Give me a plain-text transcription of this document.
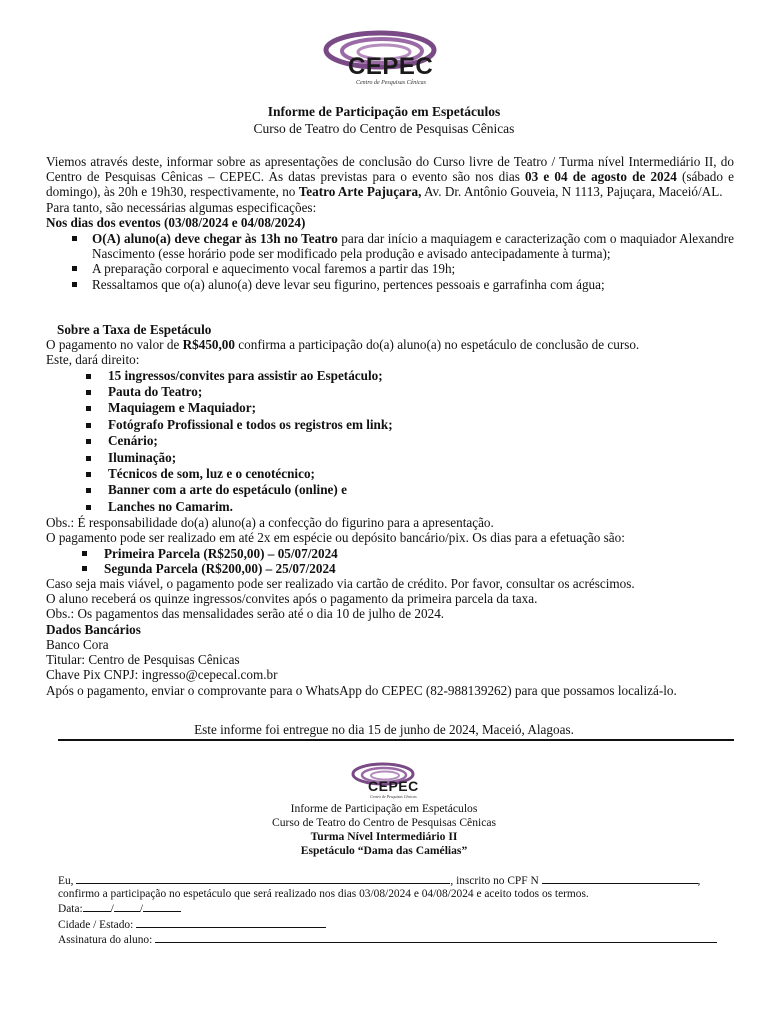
CEPEC
Centro de Pesquisas Cênicas
Informe de Participação em Espetáculos
Curso de Teatro do Centro de Pesquisas Cênicas

Viemos através deste, informar sobre as apresentações de conclusão do Curso livre de Teatro / Turma nível Intermediário II, do Centro de Pesquisas Cênicas – CEPEC. As datas previstas para o evento são nos dias 03 e 04 de agosto de 2024 (sábado e domingo), às 20h e 19h30, respectivamente, no Teatro Arte Pajuçara, Av. Dr. Antônio Gouveia, N 1113, Pajuçara, Maceió/AL.

Para tanto, são necessárias algumas especificações:

Nos dias dos eventos (03/08/2024 e 04/08/2024)

O(A) aluno(a) deve chegar às 13h no Teatro para dar início a maquiagem e caracterização com o maquiador Alexandre Nascimento (esse horário pode ser modificado pela produção e avisado antecipadamente à turma);
A preparação corporal e aquecimento vocal faremos a partir das 19h;
Ressaltamos que o(a) aluno(a) deve levar seu figurino, pertences pessoais e garrafinha com água;

Sobre a Taxa de Espetáculo

O pagamento no valor de R$450,00 confirma a participação do(a) aluno(a) no espetáculo de conclusão de curso.

Este, dará direito:

15 ingressos/convites para assistir ao Espetáculo;
Pauta do Teatro;
Maquiagem e Maquiador;
Fotógrafo Profissional e todos os registros em link;
Cenário;
Iluminação;
Técnicos de som, luz e o cenotécnico;
Banner com a arte do espetáculo (online) e
Lanches no Camarim.

Obs.: É responsabilidade do(a) aluno(a) a confecção do figurino para a apresentação.

O pagamento pode ser realizado em até 2x em espécie ou depósito bancário/pix. Os dias para a efetuação são:

Primeira Parcela (R$250,00) – 05/07/2024
Segunda Parcela (R$200,00) – 25/07/2024

Caso seja mais viável, o pagamento pode ser realizado via cartão de crédito. Por favor, consultar os acréscimos.

O aluno receberá os quinze ingressos/convites após o pagamento da primeira parcela da taxa.

Obs.: Os pagamentos das mensalidades serão até o dia 10 de julho de 2024.

Dados Bancários

Banco Cora

Titular: Centro de Pesquisas Cênicas

Chave Pix CNPJ: ingresso@cepecal.com.br

Após o pagamento, enviar o comprovante para o WhatsApp do CEPEC (82-988139262) para que possamos localizá-lo.

Este informe foi entregue no dia 15 de junho de 2024, Maceió, Alagoas.
CEPEC
Centro de Pesquisas Cênicas
Informe de Participação em Espetáculos
Curso de Teatro do Centro de Pesquisas Cênicas
Turma Nível Intermediário II
Espetáculo “Dama das Camélias”

Eu,	, inscrito no CPF N	,

confirmo a participação no espetáculo que será realizado nos dias 03/08/2024 e 04/08/2024 e aceito todos os termos.

Data: / /

Cidade / Estado:

Assinatura do aluno:
